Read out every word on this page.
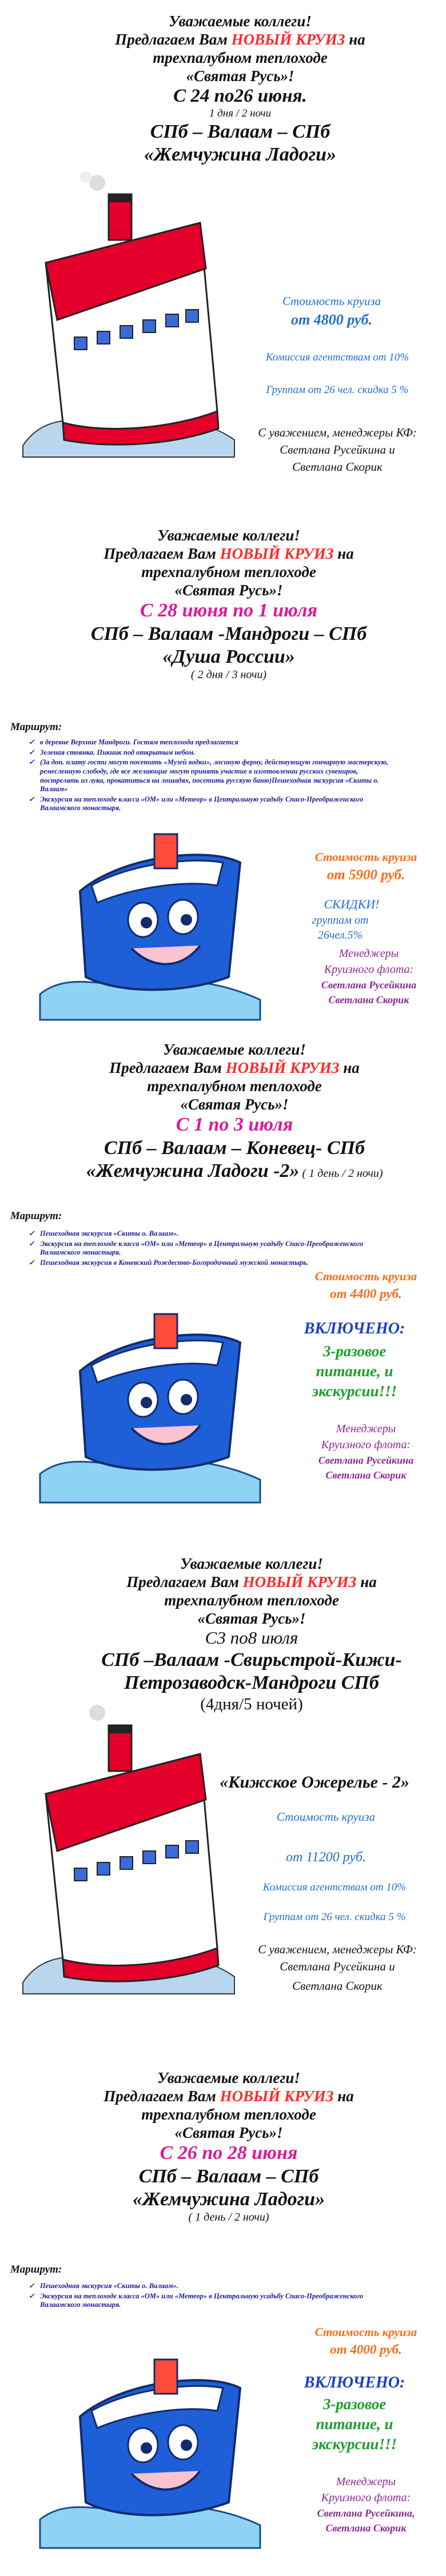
Уважаемые коллеги!
Предлагаем Вам НОВЫЙ КРУИЗ на
трехпалубном теплоходе
«Святая Русь»!
С 24 по26 июня.
1 дня / 2 ночи
СПб – Валаам – СПб
«Жемчужина Ладоги»
Стоимость круиза
от 4800 руб.
Комиссия агентствам от 10%
Группам от 26 чел. скидка 5 %
С уважением, менеджеры КФ:
Светлана Русейкина и
Светлана Скорик
Уважаемые коллеги!
Предлагаем Вам НОВЫЙ КРУИЗ на
трехпалубном теплоходе
«Святая Русь»!
С 28 июня по 1 июля
СПб – Валаам -Мандроги – СПб
«Душа России»
( 2 дня / 3 ночи)
Маршрут:
✓ в деревне Верхние Мандроги. Гостям теплохода предлагается
✓ Зеленая стоянка. Пикник под открытым небом.
✓ (За доп. плату гости могут посетить «Музей водки», лосиную ферму, действующую гончарную мастерскую, ремесленную слободу, где все желающие могут принять участие в изготовлении русских сувениров, пострелять из лука, прокатиться на лошадях, посетить русскую баню)Пешеходная экскурсия «Скиты о. Валаам»
✓ Экскурсия на теплоходе класса «ОМ» или «Метеор» в Центральную усадьбу Спасо-Преображенского Валаамского монастыря.
Стоимость круиза
от 5900 руб.
СКИДКИ!
группам от
26чел.5%
Менеджеры
Круизного флота:
Светлана Русейкина
Светлана Скорик
Уважаемые коллеги!
Предлагаем Вам НОВЫЙ КРУИЗ на
трехпалубном теплоходе
«Святая Русь»!
С 1 по 3 июля
СПб – Валаам – Коневец- СПб
«Жемчужина Ладоги -2» ( 1 день / 2 ночи)
Маршрут:
✓ Пешеходная экскурсия «Скиты о. Валаам».
✓ Экскурсия на теплоходе класса «ОМ» или «Метеор» в Центральную усадьбу Спасо-Преображенского Валаамского монастыря.
✓ Пешеходная экскурсия в Коневский Рождество-Богородичный мужской монастырь.
Стоимость круиза
от 4400 руб.
ВКЛЮЧЕНО:
3-разовое
питание, и
экскурсии!!!
Менеджеры
Круизного флота:
Светлана Русейкина
Светлана Скорик
Уважаемые коллеги!
Предлагаем Вам НОВЫЙ КРУИЗ на
трехпалубном теплоходе
«Святая Русь»!
С3 по8 июля
СПб –Валаам -Свирьстрой-Кижи-
Петрозаводск-Мандроги СПб
(4дня/5 ночей)
«Кижское Ожерелье - 2»
Стоимость круиза
от 11200 руб.
Комиссия агентствам от 10%
Группам от 26 чел. скидка 5 %
С уважением, менеджеры КФ:
Светлана Русейкина и
Светлана Скорик
Уважаемые коллеги!
Предлагаем Вам НОВЫЙ КРУИЗ на
трехпалубном теплоходе
«Святая Русь»!
С 26 по 28 июня
СПб – Валаам – СПб
«Жемчужина Ладоги»
( 1 день / 2 ночи)
Маршрут:
✓ Пешеходная экскурсия «Скиты о. Валаам».
✓ Экскурсия на теплоходе класса «ОМ» или «Метеор» в Центральную усадьбу Спасо-Преображенского Валаамского монастыря.
Стоимость круиза
от 4000 руб.
ВКЛЮЧЕНО:
3-разовое
питание, и
экскурсии!!!
Менеджеры
Круизного флота:
Светлана Русейкина,
Светлана Скорик
